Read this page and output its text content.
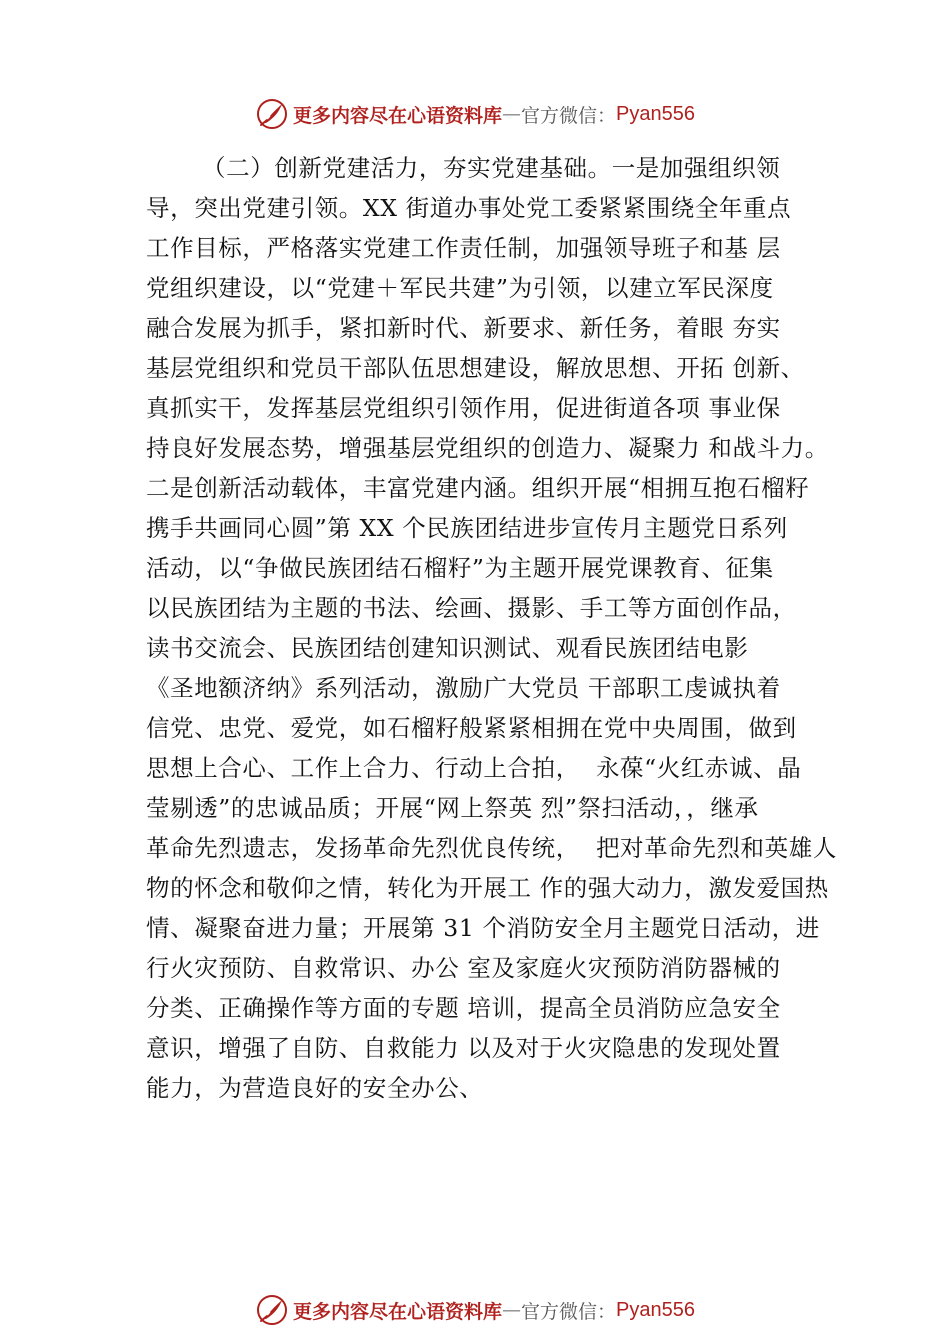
更多内容尽在心语资料库 — 官方微信： Pyan556
（二）创新党建活力，夯实党建基础。一是加强组织领
导，突出党建引领。XX 街道办事处党工委紧紧围绕全年重点
工作目标，严格落实党建工作责任制，加强领导班子和基 层
党组织建设，以“党建＋军民共建”为引领，以建立军民深度
融合发展为抓手，紧扣新时代、新要求、新任务，着眼 夯实
基层党组织和党员干部队伍思想建设，解放思想、开拓 创新、
真抓实干，发挥基层党组织引领作用，促进街道各项 事业保
持良好发展态势，增强基层党组织的创造力、凝聚力 和战斗力。
二是创新活动载体，丰富党建内涵。组织开展“相拥互抱石榴籽
携手共画同心圆”第 XX 个民族团结进步宣传月主题党日系列
活动，以“争做民族团结石榴籽”为主题开展党课教育、征集
以民族团结为主题的书法、绘画、摄影、手工等方面创作品，
读书交流会、民族团结创建知识测试、观看民族团结电影
《圣地额济纳》系列活动，激励广大党员 干部职工虔诚执着
信党、忠党、爱党，如石榴籽般紧紧相拥在党中央周围，做到
思想上合心、工作上合力、行动上合拍，  永葆“火红赤诚、晶
莹剔透”的忠诚品质；开展“网上祭英 烈”祭扫活动，，继承
革命先烈遗志，发扬革命先烈优良传统，  把对革命先烈和英雄人
物的怀念和敬仰之情，转化为开展工 作的强大动力，激发爱国热
情、凝聚奋进力量；开展第 31 个消防安全月主题党日活动，进
行火灾预防、自救常识、办公 室及家庭火灾预防消防器械的
分类、正确操作等方面的专题 培训，提高全员消防应急安全
意识，增强了自防、自救能力 以及对于火灾隐患的发现处置
能力，为营造良好的安全办公、
更多内容尽在心语资料库 — 官方微信： Pyan556
